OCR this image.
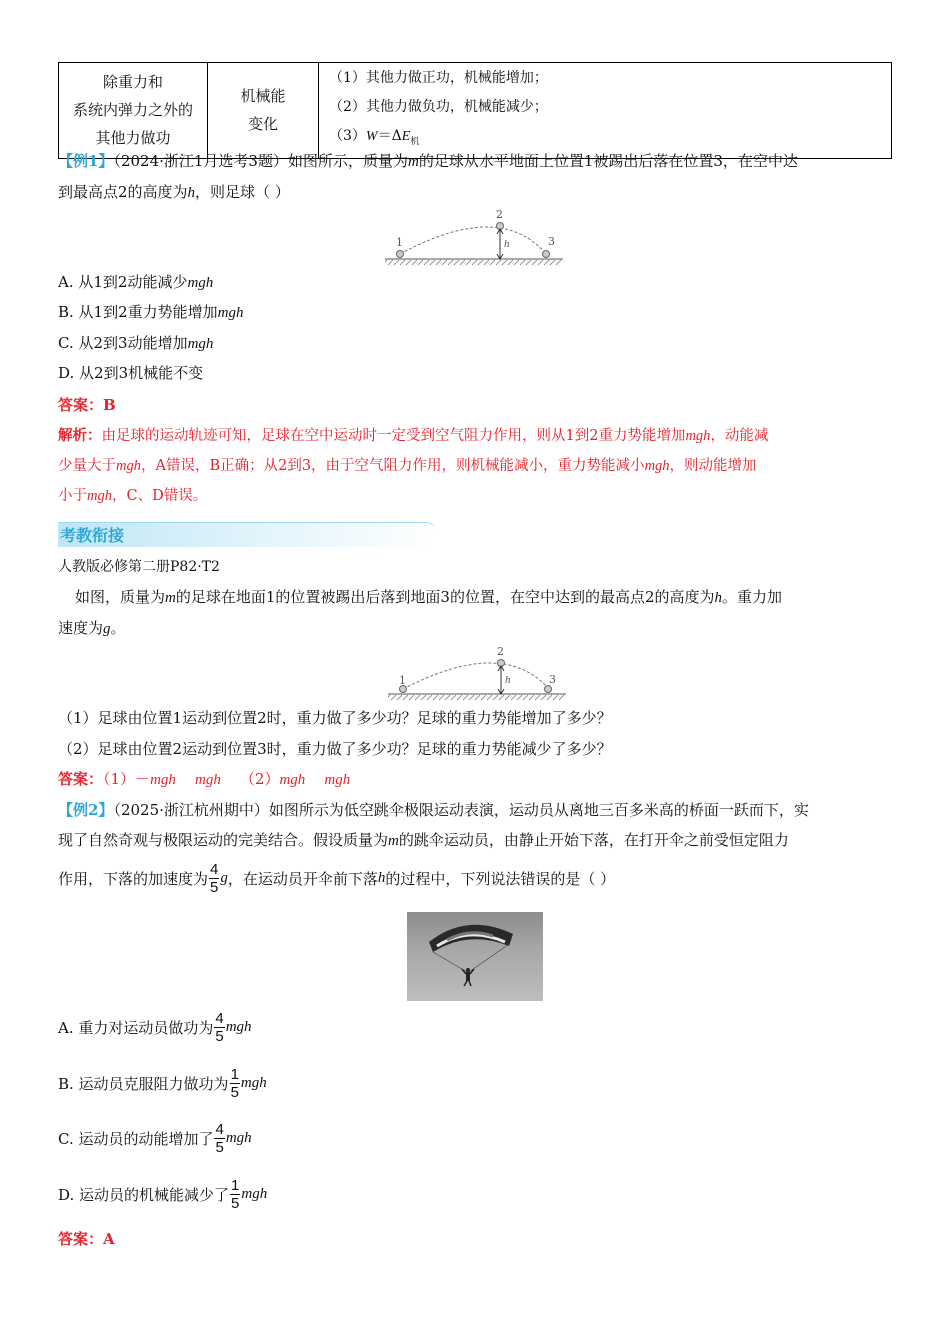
除重力和
系统内弹力之外的
其他力做功

机械能
变化

（1）其他力做正功，机械能增加；
（2）其他力做负功，机械能减少；
$(3)W=\Delta E_机$
【例1】（2024·浙江1月选考3题）如图所示，质量为m的足球从水平地面上位置1被踢出后落在位置3，在空中达
到最高点2的高度为h，则足球（ ）
1
2
3
h
A. 从1到2动能减少mgh
B. 从1到2重力势能增加mgh
C. 从2到3动能增加mgh
D. 从2到3机械能不变
答案：B
解析：由足球的运动轨迹可知，足球在空中运动时一定受到空气阻力作用，则从1到2重力势能增加mgh，动能减
少量大于mgh，A错误，B正确；从2到3，由于空气阻力作用，则机械能减小，重力势能减小mgh，则动能增加
小于mgh，C、D错误。
考教衔接
人教版必修第二册P82·T2
如图，质量为m的足球在地面1的位置被踢出后落到地面3的位置，在空中达到的最高点2的高度为h。重力加
速度为g。
1
2
3
h
（1）足球由位置1运动到位置2时，重力做了多少功？足球的重力势能增加了多少？
（2）足球由位置2运动到位置3时，重力做了多少功？足球的重力势能减少了多少？
答案：（1）－mgh mgh （2）mgh mgh
【例2】（2025·浙江杭州期中）如图所示为低空跳伞极限运动表演，运动员从离地三百多米高的桥面一跃而下，实
现了自然奇观与极限运动的完美结合。假设质量为m的跳伞运动员，由静止开始下落，在打开伞之前受恒定阻力
作用，下落的加速度为 $\frac{4}{5}$ g ，在运动员开伞前下落 h 的过程中，下列说法错误的是（ ）
A. 重力对运动员做功为 $\frac{4}{5}$ mgh
B. 运动员克服阻力做功为 $\frac{1}{5}$ mgh
C. 运动员的动能增加了 $\frac{4}{5}$ mgh
D. 运动员的机械能减少了 $\frac{1}{5}$ mgh
答案：A
